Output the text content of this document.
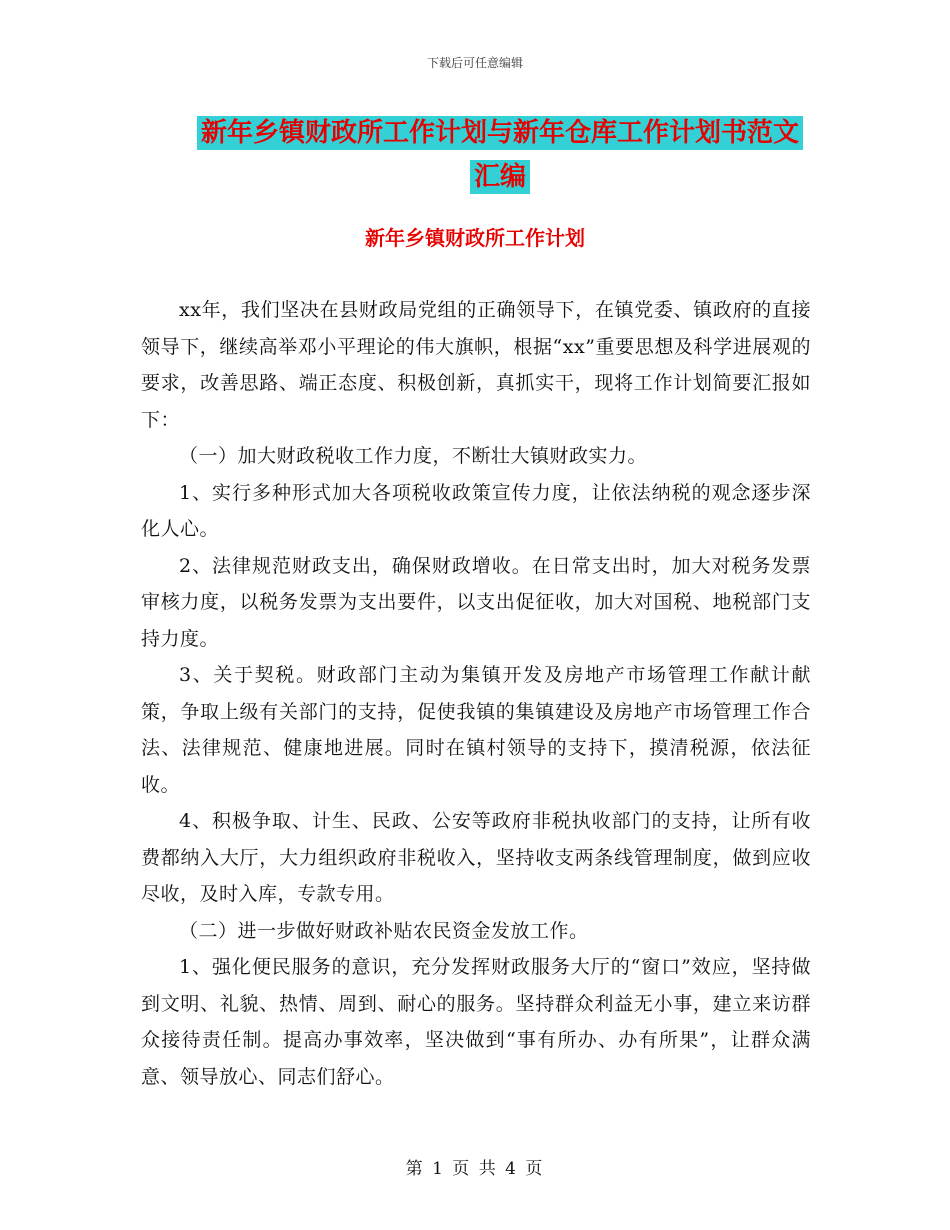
下载后可任意编辑
新年乡镇财政所工作计划与新年仓库工作计划书范文
汇编
新年乡镇财政所工作计划

xx年，我们坚决在县财政局党组的正确领导下，在镇党委、镇政府的直接领导下，继续高举邓小平理论的伟大旗帜，根据“xx”重要思想及科学进展观的要求，改善思路、端正态度、积极创新，真抓实干，现将工作计划简要汇报如下：

（一）加大财政税收工作力度，不断壮大镇财政实力。

1、实行多种形式加大各项税收政策宣传力度，让依法纳税的观念逐步深化人心。

2、法律规范财政支出，确保财政增收。在日常支出时，加大对税务发票审核力度，以税务发票为支出要件，以支出促征收，加大对国税、地税部门支持力度。

3、关于契税。财政部门主动为集镇开发及房地产市场管理工作献计献策，争取上级有关部门的支持，促使我镇的集镇建设及房地产市场管理工作合法、法律规范、健康地进展。同时在镇村领导的支持下，摸清税源，依法征收。

4、积极争取、计生、民政、公安等政府非税执收部门的支持，让所有收费都纳入大厅，大力组织政府非税收入，坚持收支两条线管理制度，做到应收尽收，及时入库，专款专用。

（二）进一步做好财政补贴农民资金发放工作。

1、强化便民服务的意识，充分发挥财政服务大厅的“窗口”效应，坚持做到文明、礼貌、热情、周到、耐心的服务。坚持群众利益无小事，建立来访群众接待责任制。提高办事效率，坚决做到“事有所办、办有所果”，让群众满意、领导放心、同志们舒心。

第 1 页 共 4 页
